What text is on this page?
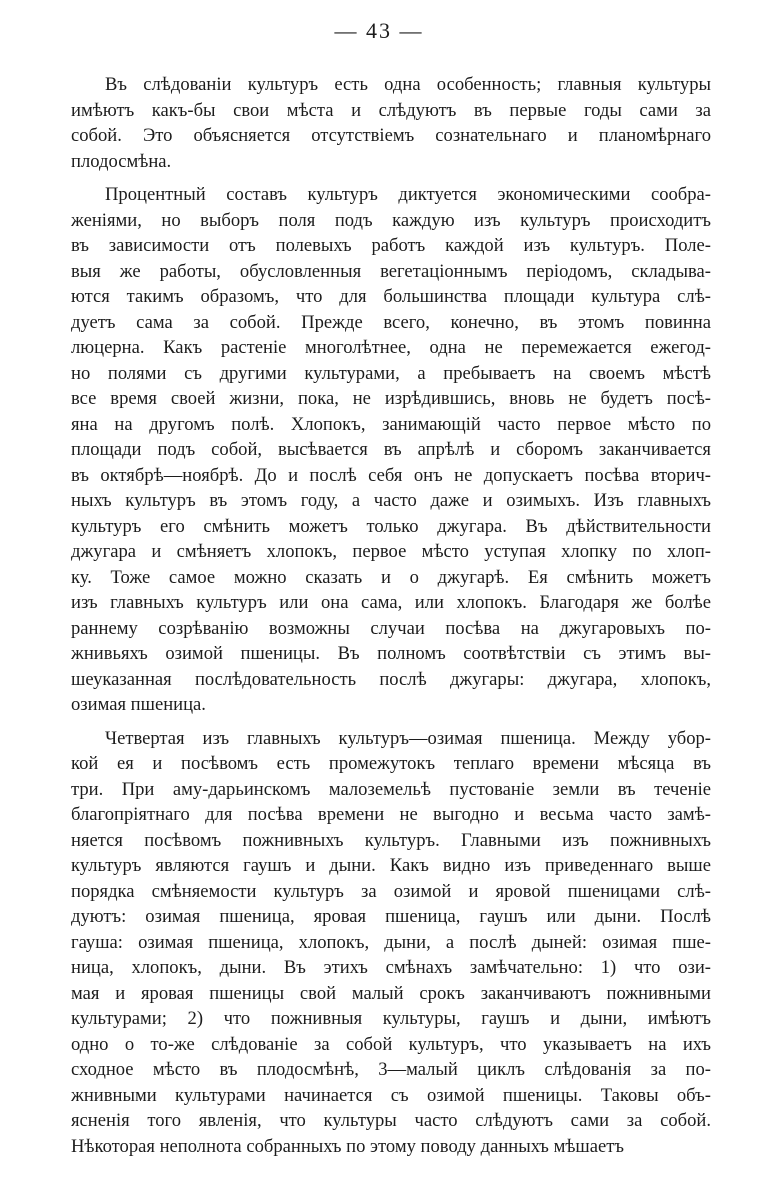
— 43 —
Въ слѣдованіи культуръ есть одна особенность; главныя культуры
имѣютъ какъ-бы свои мѣста и слѣдуютъ въ первые годы сами за
собой. Это объясняется отсутствіемъ сознательнаго и планомѣрнаго
плодосмѣна.
Процентный составъ культуръ диктуется экономическими сообра-
женіями, но выборъ поля подъ каждую изъ культуръ происходитъ
въ зависимости отъ полевыхъ работъ каждой изъ культуръ. Поле-
выя же работы, обусловленныя вегетаціоннымъ періодомъ, складыва-
ются такимъ образомъ, что для большинства площади культура слѣ-
дуетъ сама за собой. Прежде всего, конечно, въ этомъ повинна
люцерна. Какъ растеніе многолѣтнее, одна не перемежается ежегод-
но полями съ другими культурами, а пребываетъ на своемъ мѣстѣ
все время своей жизни, пока, не изрѣдившись, вновь не будетъ посѣ-
яна на другомъ полѣ. Хлопокъ, занимающій часто первое мѣсто по
площади подъ собой, высѣвается въ апрѣлѣ и сборомъ заканчивается
въ октябрѣ—ноябрѣ. До и послѣ себя онъ не допускаетъ посѣва вторич-
ныхъ культуръ въ этомъ году, а часто даже и озимыхъ. Изъ главныхъ
культуръ его смѣнить можетъ только джугара. Въ дѣйствительности
джугара и смѣняетъ хлопокъ, первое мѣсто уступая хлопку по хлоп-
ку. Тоже самое можно сказать и о джугарѣ. Ея смѣнить можетъ
изъ главныхъ культуръ или она сама, или хлопокъ. Благодаря же болѣе
раннему созрѣванію возможны случаи посѣва на джугаровыхъ по-
жнивьяхъ озимой пшеницы. Въ полномъ соотвѣтствіи съ этимъ вы-
шеуказанная послѣдовательность послѣ джугары: джугара, хлопокъ,
озимая пшеница.
Четвертая изъ главныхъ культуръ—озимая пшеница. Между убор-
кой ея и посѣвомъ есть промежутокъ теплаго времени мѣсяца въ
три. При аму-дарьинскомъ малоземельѣ пустованіе земли въ теченіе
благопріятнаго для посѣва времени не выгодно и весьма часто замѣ-
няется посѣвомъ пожнивныхъ культуръ. Главными изъ пожнивныхъ
культуръ являются гаушъ и дыни. Какъ видно изъ приведеннаго выше
порядка смѣняемости культуръ за озимой и яровой пшеницами слѣ-
дуютъ: озимая пшеница, яровая пшеница, гаушъ или дыни. Послѣ
гауша: озимая пшеница, хлопокъ, дыни, а послѣ дыней: озимая пше-
ница, хлопокъ, дыни. Въ этихъ смѣнахъ замѣчательно: 1) что ози-
мая и яровая пшеницы свой малый срокъ заканчиваютъ пожнивными
культурами; 2) что пожнивныя культуры, гаушъ и дыни, имѣютъ
одно о то-же слѣдованіе за собой культуръ, что указываетъ на ихъ
сходное мѣсто въ плодосмѣнѣ, 3—малый циклъ слѣдованія за по-
жнивными культурами начинается съ озимой пшеницы. Таковы объ-
ясненія того явленія, что культуры часто слѣдуютъ сами за собой.
Нѣкоторая неполнота собранныхъ по этому поводу данныхъ мѣшаетъ
